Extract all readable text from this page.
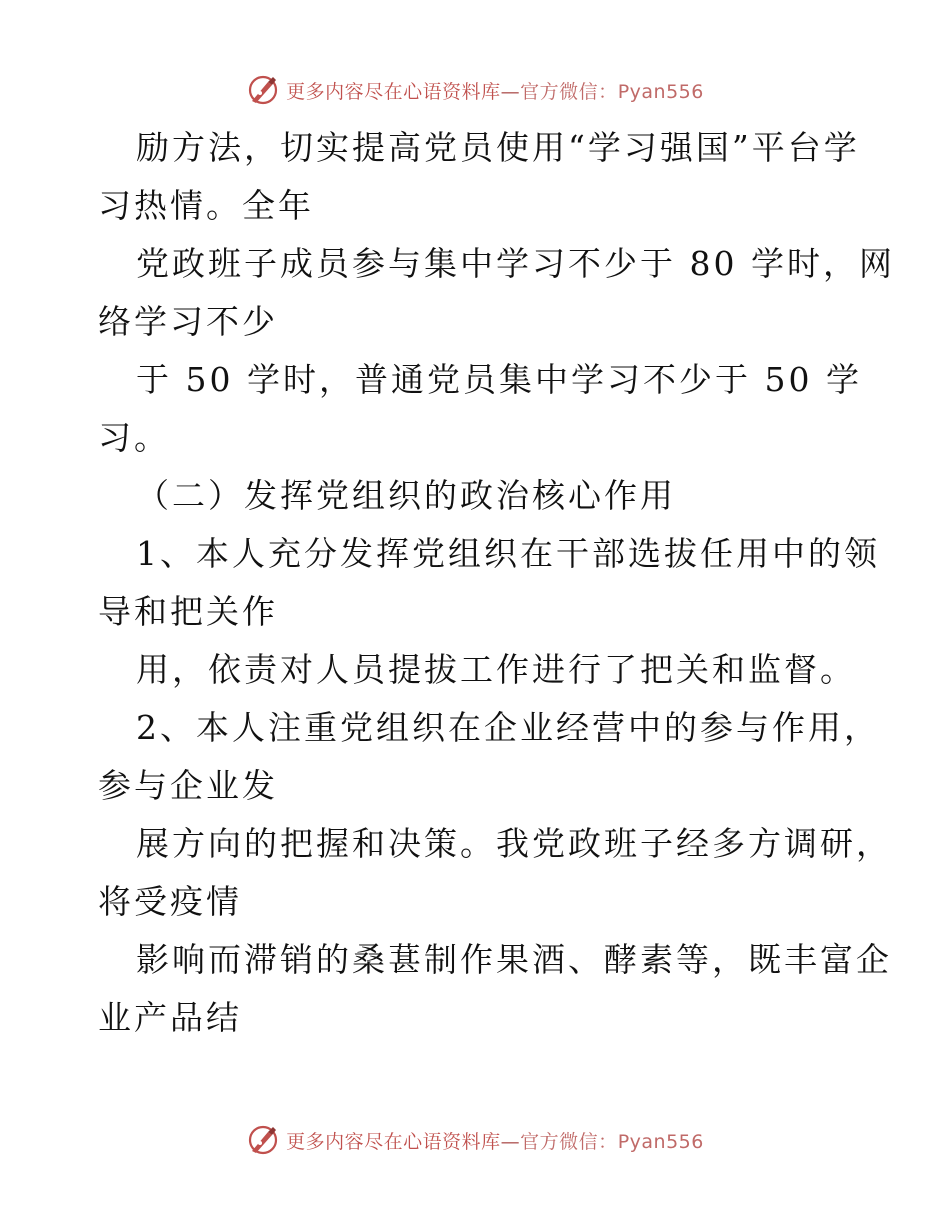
更多内容尽在心语资料库—官方微信：Pyan556
励方法，切实提高党员使用“学习强国”平台学
习热情。全年
党政班子成员参与集中学习不少于 80 学时，网
络学习不少
于 50 学时，普通党员集中学习不少于 50 学
习。
（二）发挥党组织的政治核心作用
1、本人充分发挥党组织在干部选拔任用中的领
导和把关作
用，依责对人员提拔工作进行了把关和监督。
2、本人注重党组织在企业经营中的参与作用，
参与企业发
展方向的把握和决策。我党政班子经多方调研，
将受疫情
影响而滞销的桑葚制作果酒、酵素等，既丰富企
业产品结
更多内容尽在心语资料库—官方微信：Pyan556
